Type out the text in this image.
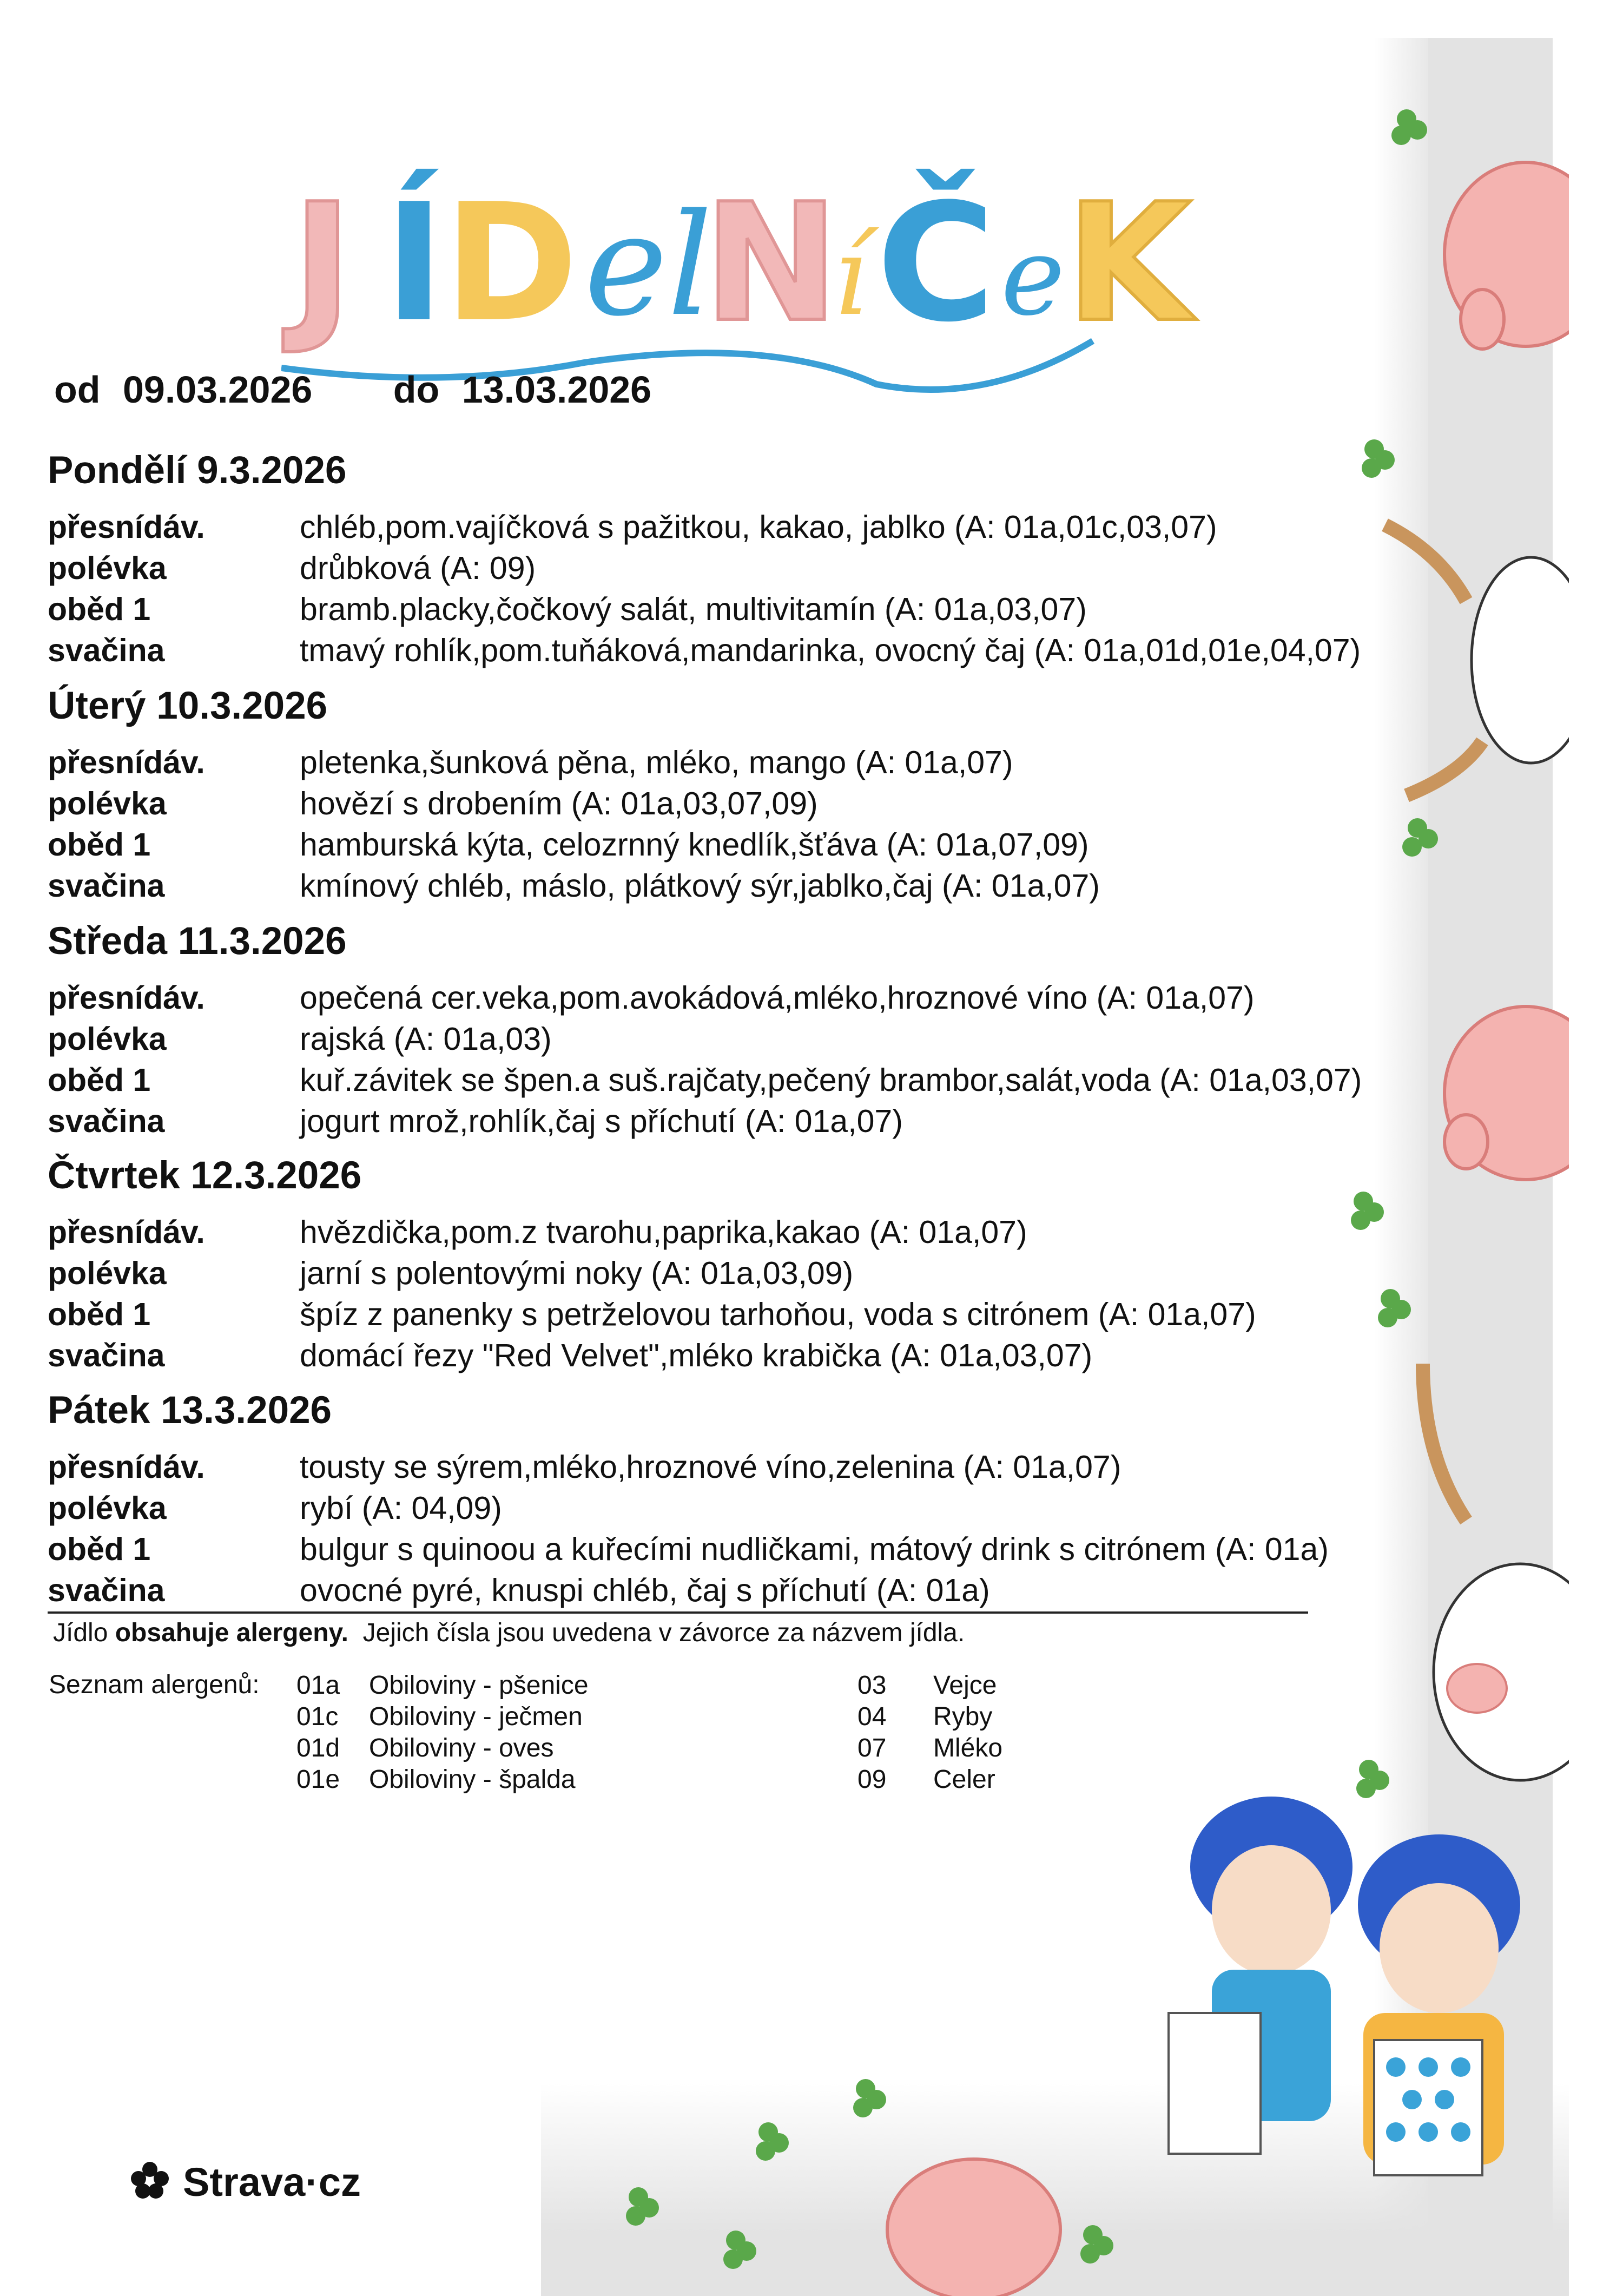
J Í
D el
N
í Č e K
od 09.03.2026 do 13.03.2026
Pondělí 9.3.2026
přesnídáv.	chléb,pom.vajíčková s pažitkou, kakao, jablko (A: 01a,01c,03,07)
polévka	drůbková (A: 09)
oběd 1	bramb.placky,čočkový salát, multivitamín (A: 01a,03,07)
svačina	tmavý rohlík,pom.tuňáková,mandarinka, ovocný čaj (A: 01a,01d,01e,04,07)
Úterý 10.3.2026
přesnídáv.	pletenka,šunková pěna, mléko, mango (A: 01a,07)
polévka	hovězí s drobením (A: 01a,03,07,09)
oběd 1	hamburská kýta, celozrnný knedlík,šťáva (A: 01a,07,09)
svačina	kmínový chléb, máslo, plátkový sýr,jablko,čaj (A: 01a,07)
Středa 11.3.2026
přesnídáv.	opečená cer.veka,pom.avokádová,mléko,hroznové víno (A: 01a,07)
polévka	rajská (A: 01a,03)
oběd 1	kuř.závitek se špen.a suš.rajčaty,pečený brambor,salát,voda (A: 01a,03,07)
svačina	jogurt mrož,rohlík,čaj s příchutí (A: 01a,07)
Čtvrtek 12.3.2026
přesnídáv.	hvězdička,pom.z tvarohu,paprika,kakao (A: 01a,07)
polévka	jarní s polentovými noky (A: 01a,03,09)
oběd 1	špíz z panenky s petrželovou tarhoňou, voda s citrónem (A: 01a,07)
svačina	domácí řezy "Red Velvet",mléko krabička (A: 01a,03,07)
Pátek 13.3.2026
přesnídáv.	tousty se sýrem,mléko,hroznové víno,zelenina (A: 01a,07)
polévka	rybí (A: 04,09)
oběd 1	bulgur s quinoou a kuřecími nudličkami, mátový drink s citrónem (A: 01a)
svačina	ovocné pyré, knuspi chléb, čaj s příchutí (A: 01a)
Jídlo obsahuje alergeny.  Jejich čísla jsou uvedena v závorce za názvem jídla.
Seznam alergenů: 01a Obiloviny - pšenice
01c Obiloviny - ječmen
01d Obiloviny - oves
01e Obiloviny - špalda
03 Vejce
04 Ryby
07 Mléko
09 Celer
Strava·cz
